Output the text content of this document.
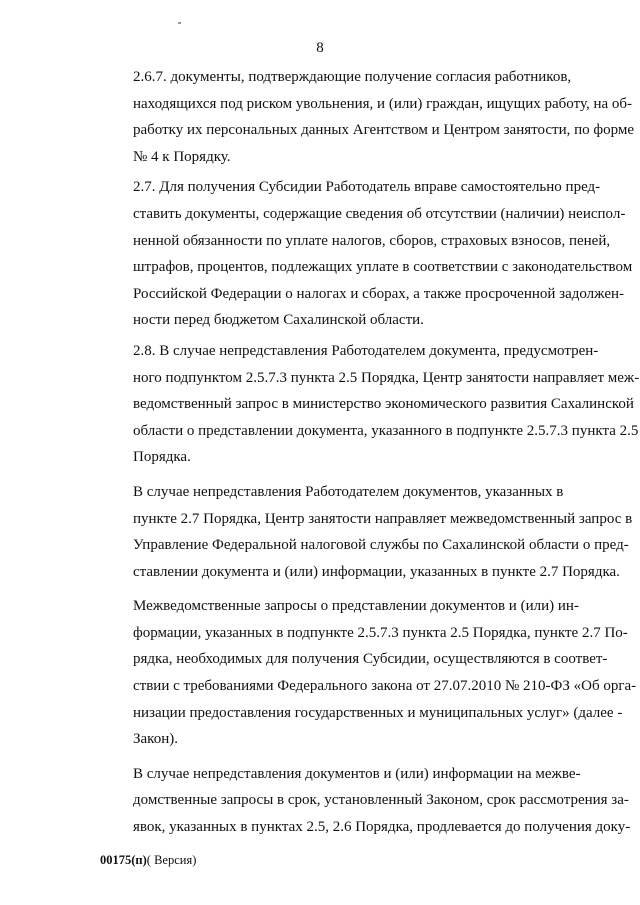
8

2.6.7. документы, подтверждающие получение согласия работников,
находящихся под риском увольнения, и (или) граждан, ищущих работу, на об-
работку их персональных данных Агентством и Центром занятости, по форме
№ 4 к Порядку.

2.7. Для получения Субсидии Работодатель вправе самостоятельно пред-
ставить документы, содержащие сведения об отсутствии (наличии) неиспол-
ненной обязанности по уплате налогов, сборов, страховых взносов, пеней,
штрафов, процентов, подлежащих уплате в соответствии с законодательством
Российской Федерации о налогах и сборах, а также просроченной задолжен-
ности перед бюджетом Сахалинской области.

2.8. В случае непредставления Работодателем документа, предусмотрен-
ного подпунктом 2.5.7.3 пункта 2.5 Порядка, Центр занятости направляет меж-
ведомственный запрос в министерство экономического развития Сахалинской
области о представлении документа, указанного в подпункте 2.5.7.3 пункта 2.5
Порядка.

В случае непредставления Работодателем документов, указанных в
пункте 2.7 Порядка, Центр занятости направляет межведомственный запрос в
Управление Федеральной налоговой службы по Сахалинской области о пред-
ставлении документа и (или) информации, указанных в пункте 2.7 Порядка.

Межведомственные запросы о представлении документов и (или) ин-
формации, указанных в подпункте 2.5.7.3 пункта 2.5 Порядка, пункте 2.7 По-
рядка, необходимых для получения Субсидии, осуществляются в соответ-
ствии с требованиями Федерального закона от 27.07.2010 № 210-ФЗ «Об орга-
низации предоставления государственных и муниципальных услуг» (далее -
Закон).

В случае непредставления документов и (или) информации на межве-
домственные запросы в срок, установленный Законом, срок рассмотрения за-
явок, указанных в пунктах 2.5, 2.6 Порядка, продлевается до получения доку-

00175(п)( Версия)
